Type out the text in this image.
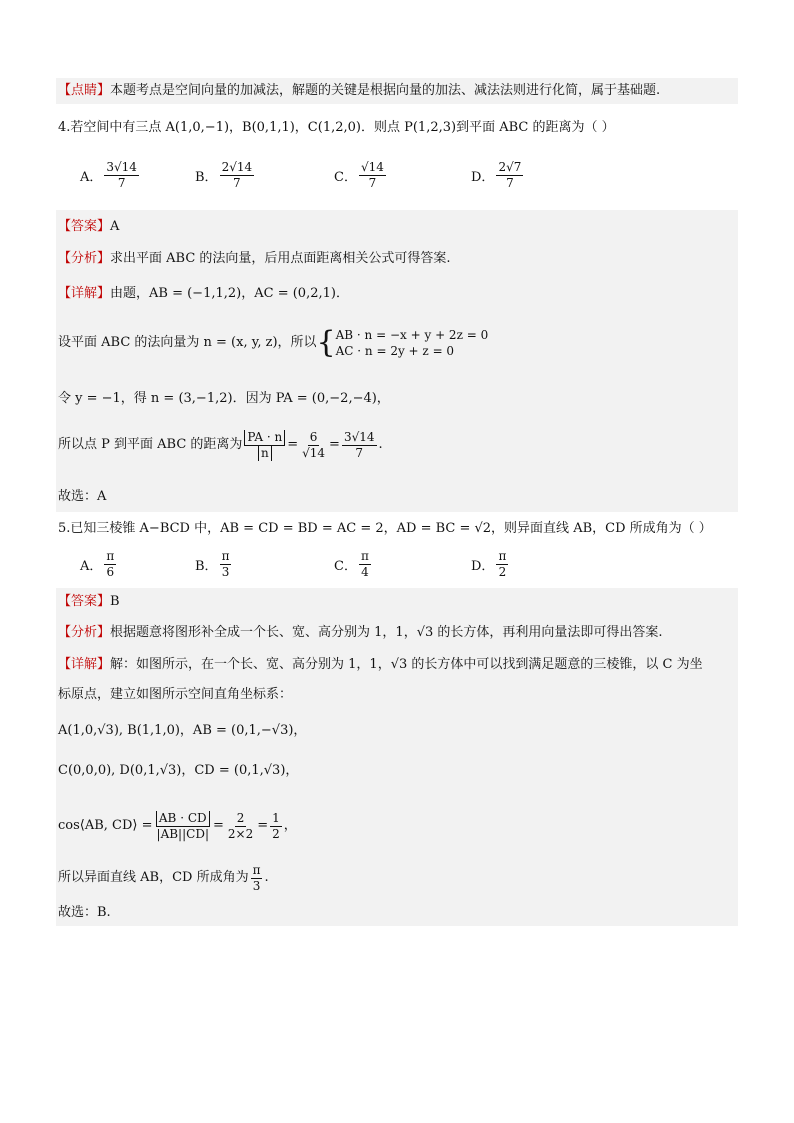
【点睛】本题考点是空间向量的加减法，解题的关键是根据向量的加法、减法法则进行化简，属于基础题.
4.若空间中有三点 A(1,0,−1)，B(0,1,1)，C(1,2,0)．则点 P(1,2,3)到平面 ABC 的距离为（ ）
A． $\frac{3√14}{7}$	B． $\frac{2√14}{7}$	C． $\frac{√14}{7}$	D． $\frac{2√7}{7}$
【答案】A
【分析】求出平面 ABC 的法向量，后用点面距离相关公式可得答案.
【详解】由题，AB = (−1,1,2)，AC = (0,2,1)．
设平面 ABC 的法向量为 n = (x, y, z)，所以 { AB · n = −x + y + 2z = 0
AC · n = 2y + z = 0
令 y = −1，得 n = (3,−1,2)．因为 PA = (0,−2,−4)，
所以点 P 到平面 ABC 的距离为 $\frac{PA \cdot n}{n} = \frac{6}{√14} = \frac{3√14}{7}$ .
故选：A
5.已知三棱锥 A−BCD 中，AB = CD = BD = AC = 2，AD = BC = √2，则异面直线 AB，CD 所成角为（ ）
A． $\frac{\pi}{6}$	B． $\frac{\pi}{3}$	C． $\frac{\pi}{4}$	D． $\frac{\pi}{2}$
【答案】B
【分析】根据题意将图形补全成一个长、宽、高分别为 1，1，√3 的长方体，再利用向量法即可得出答案.
【详解】解：如图所示，在一个长、宽、高分别为 1，1，√3 的长方体中可以找到满足题意的三棱锥，以 C 为坐
标原点，建立如图所示空间直角坐标系：
A(1,0,√3), B(1,1,0)，AB = (0,1,−√3)，
C(0,0,0), D(0,1,√3)，CD = (0,1,√3)，
cos⟨AB, CD⟩ = $\frac{AB \cdot CD}{|AB||CD|} = \frac{2}{2\times 2} = \frac{1}{2}$ ，
所以异面直线 AB，CD 所成角为 $\frac{\pi}{3}$ .
故选：B.
